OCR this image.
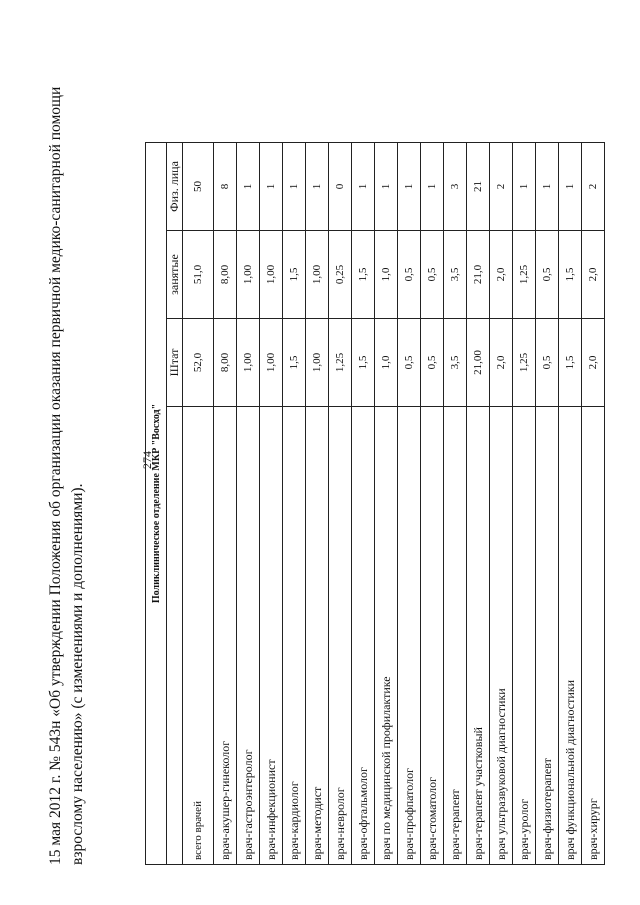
274
15 мая 2012 г. № 543н «Об утверждении Положения об организации оказания первичной медико-санитарной помощи взрослому населению» (с изменениями и дополнениями).	Поликлиническое отделение МКР "Восход"			
	Штат	занятые	Физ. лица
всего врачей	52,0	51,0	50
врач-акушер-гинеколог	8,00	8,00	8
врач-гастроэнтеролог	1,00	1,00	1
врач-инфекционист	1,00	1,00	1
врач-кардиолог	1,5	1,5	1
врач-методист	1,00	1,00	1
врач-невролог	1,25	0,25	0
врач-офтальмолог	1,5	1,5	1
врач по медицинской профилактике	1,0	1,0	1
врач-профпатолог	0,5	0,5	1
врач-стоматолог	0,5	0,5	1
врач-терапевт	3,5	3,5	3
врач-терапевт участковый	21,00	21,0	21
врач ультразвуковой диагностики	2,0	2,0	2
врач-уролог	1,25	1,25	1
врач-физиотерапевт	0,5	0,5	1
врач функциональной диагностики	1,5	1,5	1
врач-хирург	2,0	2,0	2
